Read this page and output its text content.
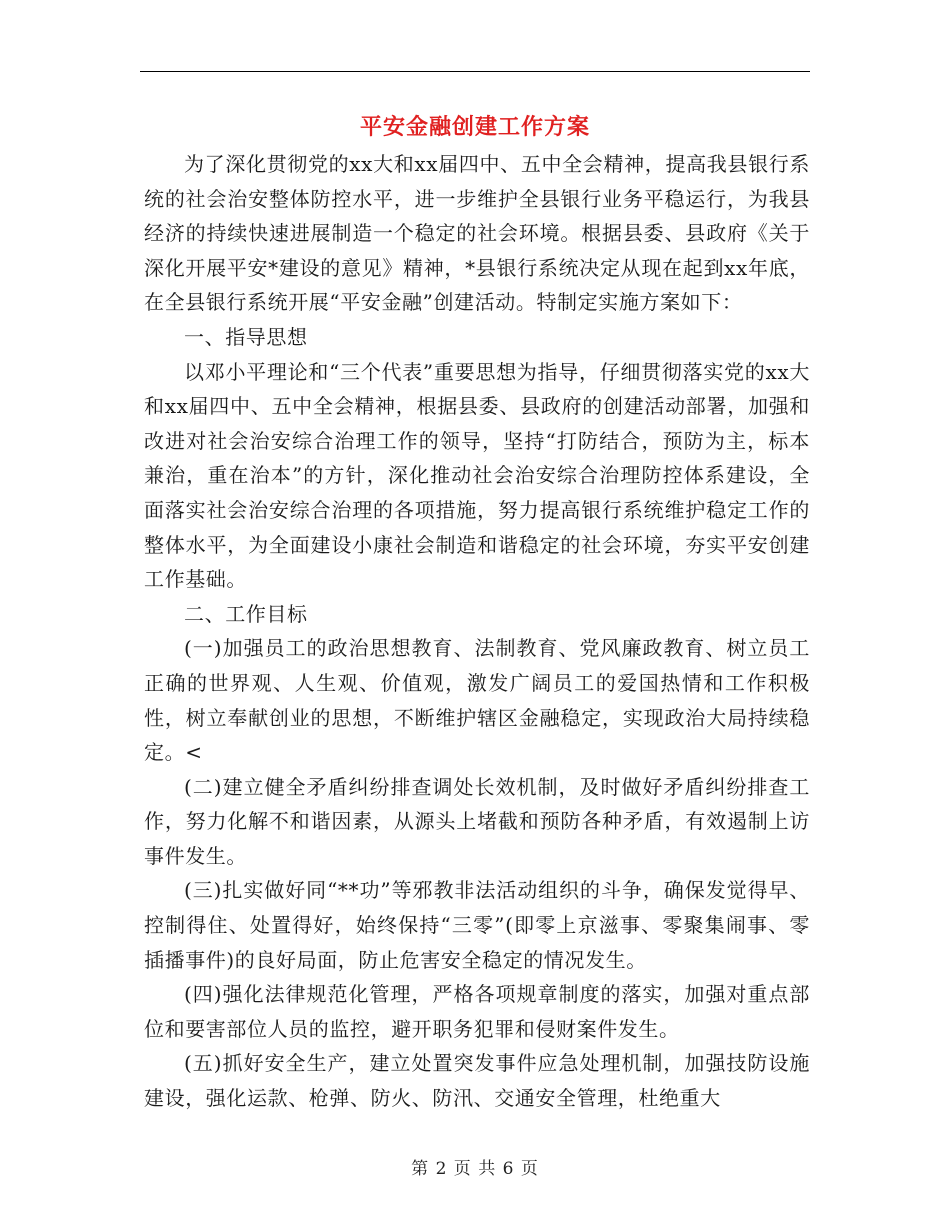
平安金融创建工作方案

为了深化贯彻党的xx大和xx届四中、五中全会精神，提高我县银行系统的社会治安整体防控水平，进一步维护全县银行业务平稳运行，为我县经济的持续快速进展制造一个稳定的社会环境。根据县委、县政府《关于深化开展平安*建设的意见》精神，*县银行系统决定从现在起到xx年底，在全县银行系统开展“平安金融”创建活动。特制定实施方案如下：

一、指导思想

以邓小平理论和“三个代表”重要思想为指导，仔细贯彻落实党的xx大和xx届四中、五中全会精神，根据县委、县政府的创建活动部署，加强和改进对社会治安综合治理工作的领导，坚持“打防结合，预防为主，标本兼治，重在治本”的方针，深化推动社会治安综合治理防控体系建设，全面落实社会治安综合治理的各项措施，努力提高银行系统维护稳定工作的整体水平，为全面建设小康社会制造和谐稳定的社会环境，夯实平安创建工作基础。

二、工作目标

(一)加强员工的政治思想教育、法制教育、党风廉政教育、树立员工正确的世界观、人生观、价值观，激发广阔员工的爱国热情和工作积极性，树立奉献创业的思想，不断维护辖区金融稳定，实现政治大局持续稳定。<

(二)建立健全矛盾纠纷排查调处长效机制，及时做好矛盾纠纷排查工作，努力化解不和谐因素，从源头上堵截和预防各种矛盾，有效遏制上访事件发生。

(三)扎实做好同“**功”等邪教非法活动组织的斗争，确保发觉得早、控制得住、处置得好，始终保持“三零”(即零上京滋事、零聚集闹事、零插播事件)的良好局面，防止危害安全稳定的情况发生。

(四)强化法律规范化管理，严格各项规章制度的落实，加强对重点部位和要害部位人员的监控，避开职务犯罪和侵财案件发生。

(五)抓好安全生产，建立处置突发事件应急处理机制，加强技防设施建设，强化运款、枪弹、防火、防汛、交通安全管理，杜绝重大

第 2 页 共 6 页
